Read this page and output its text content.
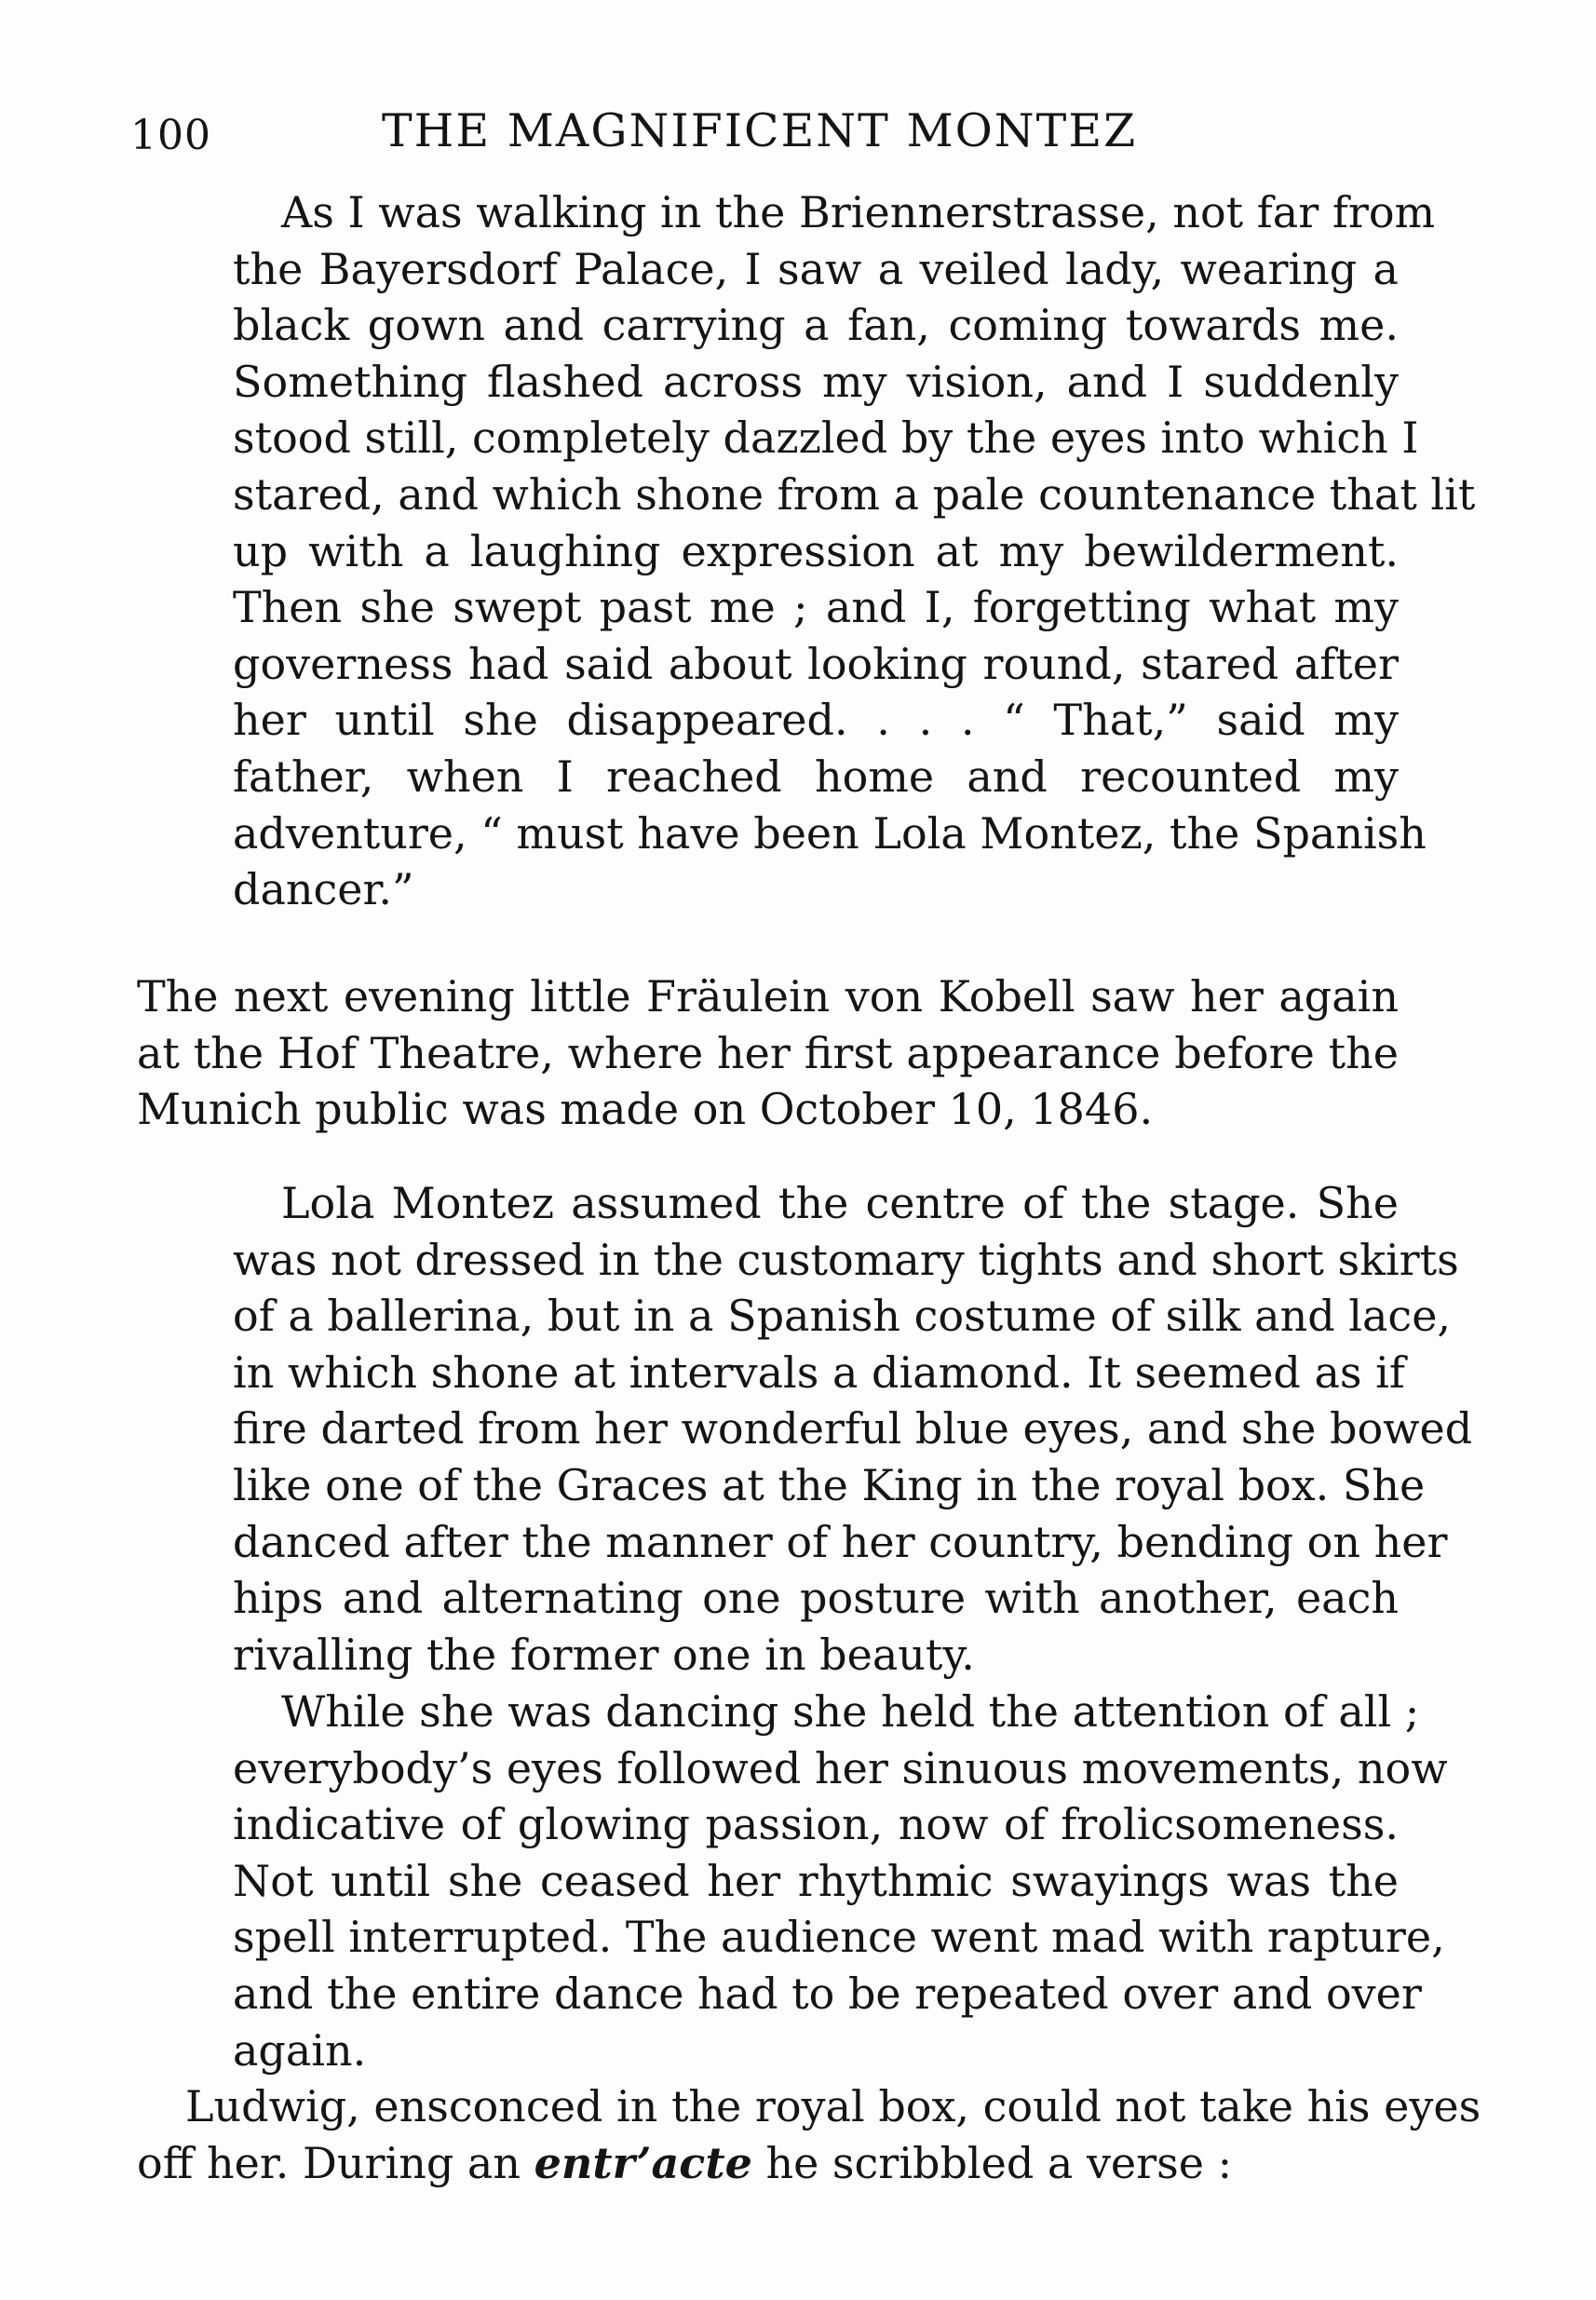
100	THE MAGNIFICENT MONTEZ
As I was walking in the Briennerstrasse, not far from
the Bayersdorf Palace, I saw a veiled lady, wearing a
black gown and carrying a fan, coming towards me.
Something flashed across my vision, and I suddenly
stood still, completely dazzled by the eyes into which I
stared, and which shone from a pale countenance that lit
up with a laughing expression at my bewilderment.
Then she swept past me ; and I, forgetting what my
governess had said about looking round, stared after
her until she disappeared. . . . “ That,” said my
father, when I reached home and recounted my
adventure, “ must have been Lola Montez, the Spanish
dancer.”
The next evening little Fräulein von Kobell saw her again
at the Hof Theatre, where her first appearance before the
Munich public was made on October 10, 1846.
Lola Montez assumed the centre of the stage. She
was not dressed in the customary tights and short skirts
of a ballerina, but in a Spanish costume of silk and lace,
in which shone at intervals a diamond. It seemed as if
fire darted from her wonderful blue eyes, and she bowed
like one of the Graces at the King in the royal box. She
danced after the manner of her country, bending on her
hips and alternating one posture with another, each
rivalling the former one in beauty.
While she was dancing she held the attention of all ;
everybody’s eyes followed her sinuous movements, now
indicative of glowing passion, now of frolicsomeness.
Not until she ceased her rhythmic swayings was the
spell interrupted. The audience went mad with rapture,
and the entire dance had to be repeated over and over
again.
Ludwig, ensconced in the royal box, could not take his eyes
off her. During an entr’acte he scribbled a verse :
